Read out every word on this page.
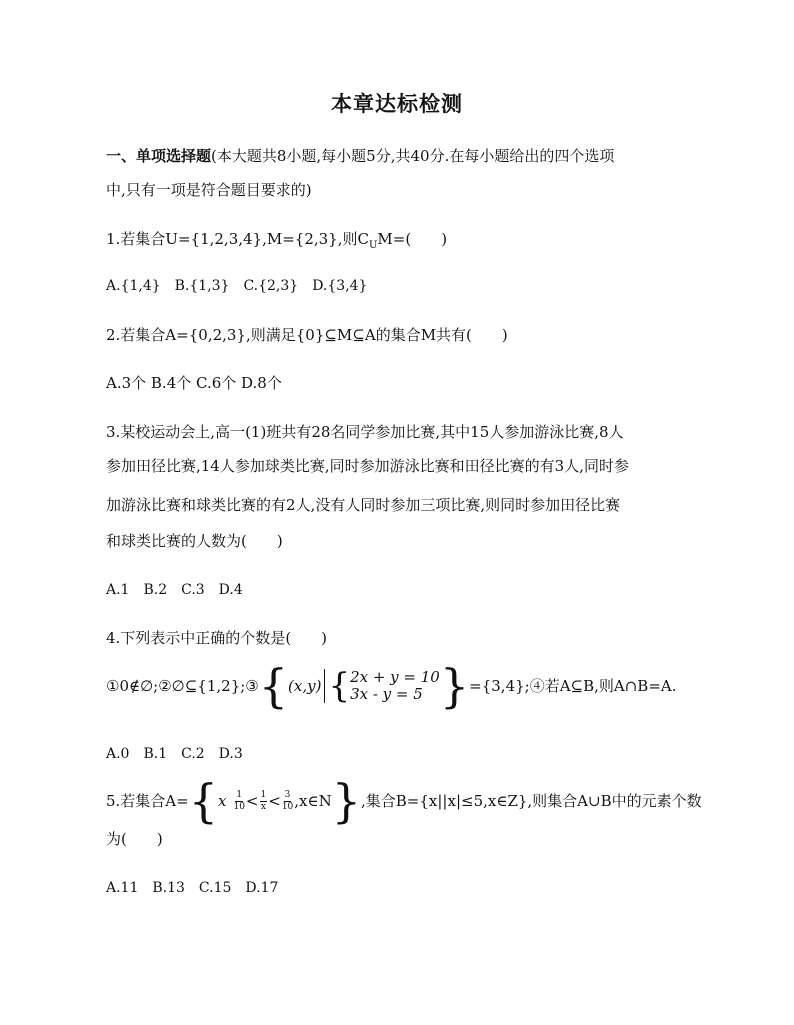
本章达标检测
一、单项选择题(本大题共8小题,每小题5分,共40分.在每小题给出的四个选项
中,只有一项是符合题目要求的)
1.若集合U={1,2,3,4},M={2,3},则$C_UM=$(　　)
A.{1,4}　B.{1,3}　C.{2,3}　D.{3,4}
2.若集合A={0,2,3},则满足{0}⊆M⊆A的集合M共有(　　)
A.3个 B.4个 C.6个 D.8个
3.某校运动会上,高一(1)班共有28名同学参加比赛,其中15人参加游泳比赛,8人
参加田径比赛,14人参加球类比赛,同时参加游泳比赛和田径比赛的有3人,同时参
加游泳比赛和球类比赛的有2人,没有人同时参加三项比赛,则同时参加田径比赛
和球类比赛的人数为(　　)
A.1　B.2　C.3　D.4
4.下列表示中正确的个数是(　　)
①0∉∅;②∅⊆{1,2};③ { (x,y) { 2x + y = 10
3x - y = 5 } ={3,4};④若A⊆B,则A∩B=A.
A.0　B.1　C.2　D.3
5.若集合A= { x $\frac{1}{10} < \frac{1}{x} < \frac{3}{10}$ ,x∈N } ,集合B={x||x|≤5,x∈Z},则集合A∪B中的元素个数
为(　　)
A.11　B.13　C.15　D.17
